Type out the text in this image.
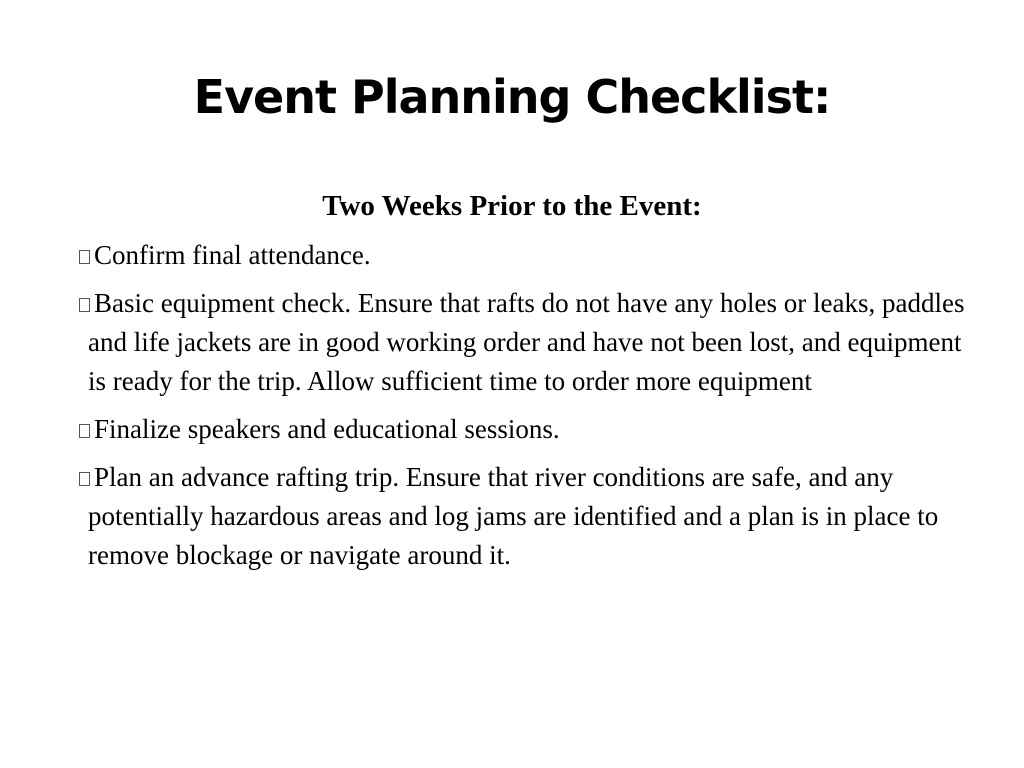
Event Planning Checklist:
Two Weeks Prior to the Event:
Confirm final attendance.
Basic equipment check. Ensure that rafts do not have any holes or leaks, paddles and life jackets are in good working order and have not been lost, and equipment is ready for the trip. Allow sufficient time to order more equipment
Finalize speakers and educational sessions.
Plan an advance rafting trip. Ensure that river conditions are safe, and any potentially hazardous areas and log jams are identified and a plan is in place to remove blockage or navigate around it.
